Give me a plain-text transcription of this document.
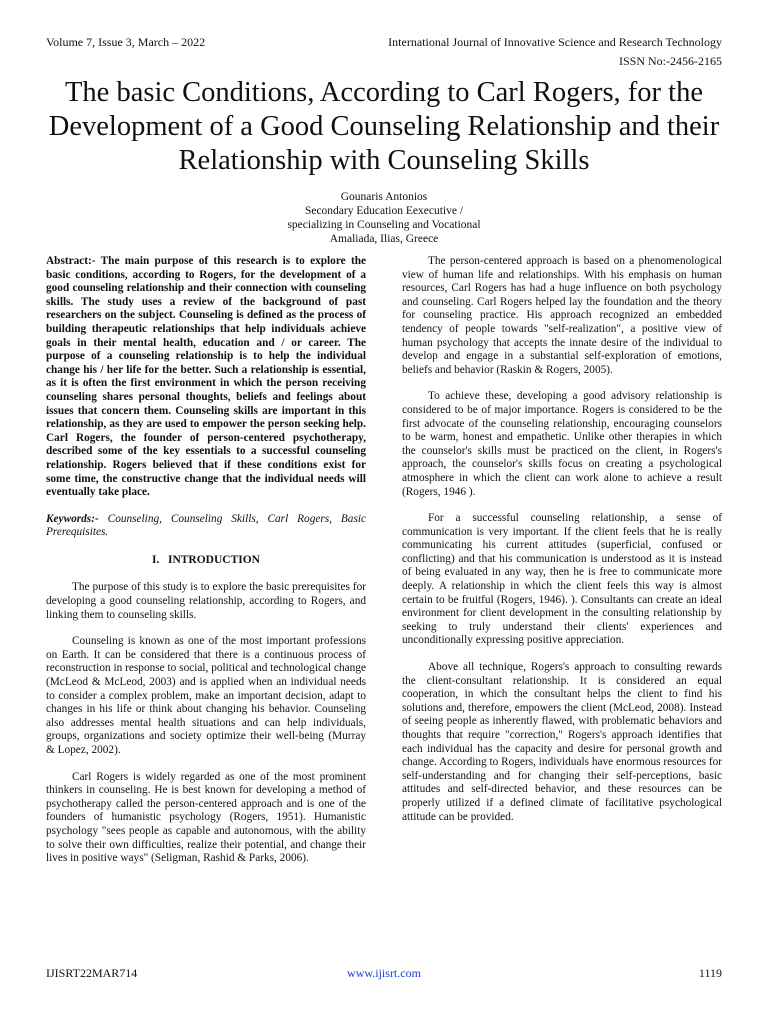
Volume 7, Issue 3, March – 2022	International Journal of Innovative Science and Research Technology
ISSN No:-2456-2165
The basic Conditions, According to Carl Rogers, for the Development of a Good Counseling Relationship and their Relationship with Counseling Skills
Gounaris Antonios
Secondary Education Eexecutive /
specializing in Counseling and Vocational
Amaliada, Ilias, Greece

Abstract:- The main purpose of this research is to explore the basic conditions, according to Rogers, for the development of a good counseling relationship and their connection with counseling skills. The study uses a review of the background of past researchers on the subject. Counseling is defined as the process of building therapeutic relationships that help individuals achieve goals in their mental health, education and / or career. The purpose of a counseling relationship is to help the individual change his / her life for the better. Such a relationship is essential, as it is often the first environment in which the person receiving counseling shares personal thoughts, beliefs and feelings about issues that concern them. Counseling skills are important in this relationship, as they are used to empower the person seeking help. Carl Rogers, the founder of person-centered psychotherapy, described some of the key essentials to a successful counseling relationship. Rogers believed that if these conditions exist for some time, the constructive change that the individual needs will eventually take place.

Keywords:- Counseling, Counseling Skills, Carl Rogers, Basic Prerequisites.

I.   INTRODUCTION

The purpose of this study is to explore the basic prerequisites for developing a good counseling relationship, according to Rogers, and linking them to counseling skills.

Counseling is known as one of the most important professions on Earth. It can be considered that there is a continuous process of reconstruction in response to social, political and technological change (McLeod & McLeod, 2003) and is applied when an individual needs to consider a complex problem, make an important decision, adapt to changes in his life or think about changing his behavior. Counseling also addresses mental health situations and can help individuals, groups, organizations and society optimize their well-being (Murray & Lopez, 2002).

Carl Rogers is widely regarded as one of the most prominent thinkers in counseling. He is best known for developing a method of psychotherapy called the person-centered approach and is one of the founders of humanistic psychology (Rogers, 1951). Humanistic psychology "sees people as capable and autonomous, with the ability to solve their own difficulties, realize their potential, and change their lives in positive ways" (Seligman, Rashid & Parks, 2006).

The person-centered approach is based on a phenomenological view of human life and relationships. With his emphasis on human resources, Carl Rogers has had a huge influence on both psychology and counseling. Carl Rogers helped lay the foundation and the theory for counseling practice. His approach recognized an embedded tendency of people towards "self-realization", a positive view of human psychology that accepts the innate desire of the individual to develop and engage in a substantial self-exploration of emotions, beliefs and behavior (Raskin & Rogers, 2005).

To achieve these, developing a good advisory relationship is considered to be of major importance. Rogers is considered to be the first advocate of the counseling relationship, encouraging counselors to be warm, honest and empathetic. Unlike other therapies in which the counselor's skills must be practiced on the client, in Rogers's approach, the counselor's skills focus on creating a psychological atmosphere in which the client can work alone to achieve a result (Rogers, 1946 ).

For a successful counseling relationship, a sense of communication is very important. If the client feels that he is really communicating his current attitudes (superficial, confused or conflicting) and that his communication is understood as it is instead of being evaluated in any way, then he is free to communicate more deeply. A relationship in which the client feels this way is almost certain to be fruitful (Rogers, 1946). ). Consultants can create an ideal environment for client development in the consulting relationship by seeking to truly understand their clients' experiences and unconditionally expressing positive appreciation.

Above all technique, Rogers's approach to consulting rewards the client-consultant relationship. It is considered an equal cooperation, in which the consultant helps the client to find his solutions and, therefore, empowers the client (McLeod, 2008). Instead of seeing people as inherently flawed, with problematic behaviors and thoughts that require "correction," Rogers's approach identifies that each individual has the capacity and desire for personal growth and change. According to Rogers, individuals have enormous resources for self-understanding and for changing their self-perceptions, basic attitudes and self-directed behavior, and these resources can be properly utilized if a defined climate of facilitative psychological attitude can be provided.

IJISRT22MAR714	www.ijisrt.com	1119
